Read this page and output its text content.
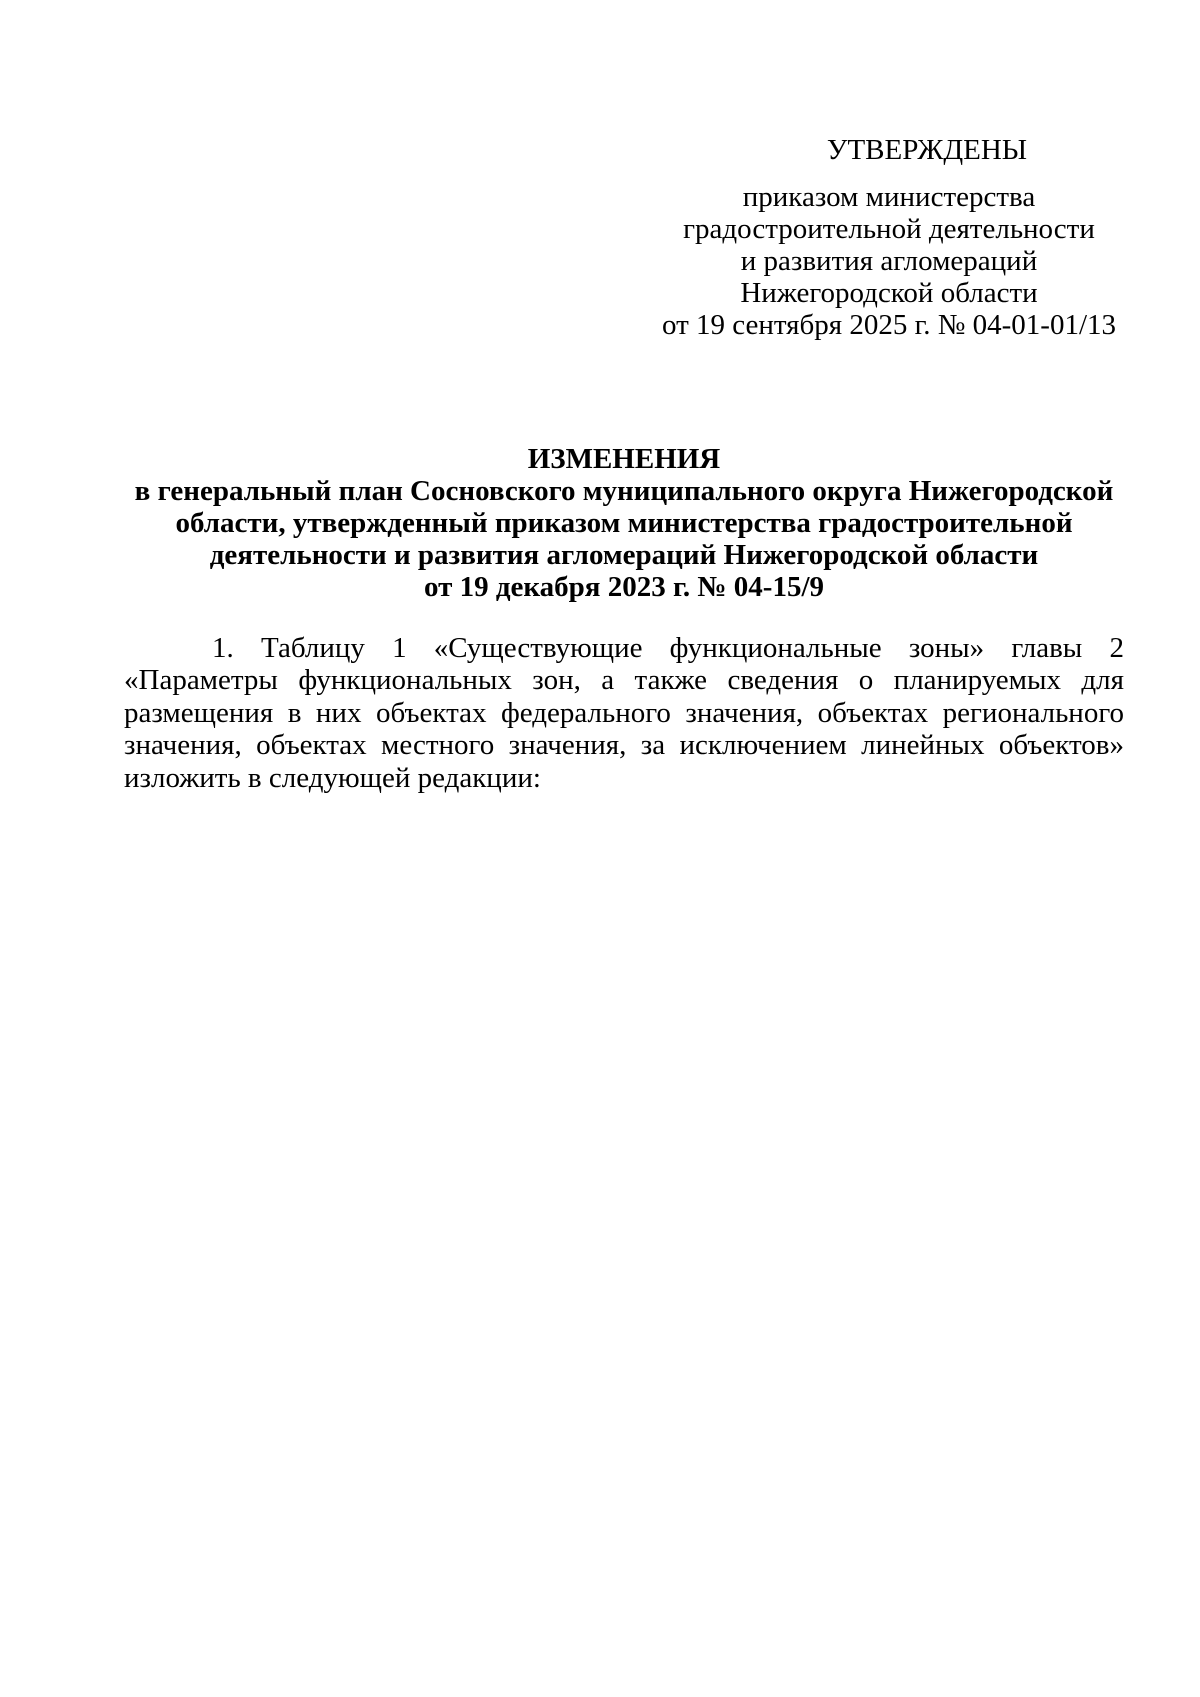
УТВЕРЖДЕНЫ
приказом министерства
градостроительной деятельности
и развития агломераций
Нижегородской области
от 19 сентября 2025 г. № 04-01-01/13
ИЗМЕНЕНИЯ
в генеральный план Сосновского муниципального округа Нижегородской
области, утвержденный приказом министерства градостроительной
деятельности и развития агломераций Нижегородской области
от 19 декабря 2023 г. № 04-15/9
1. Таблицу 1 «Существующие функциональные зоны» главы 2 «Параметры функциональных зон, а также сведения о планируемых для размещения в них объектах федерального значения, объектах регионального значения, объектах местного значения, за исключением линейных объектов» изложить в следующей редакции:
